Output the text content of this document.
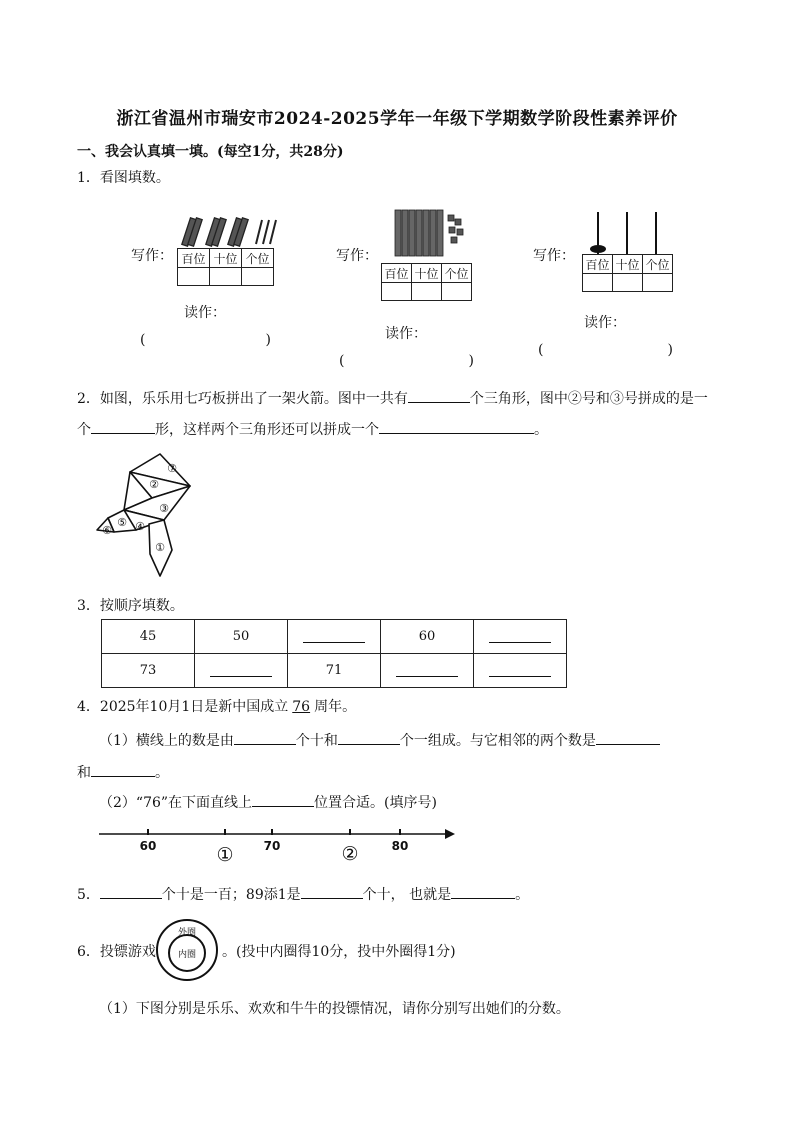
浙江省温州市瑞安市2024-2025学年一年级下学期数学阶段性素养评价
一、我会认真填一填。(每空1分，共28分)
1．看图填数。
写作： 百位	十位	个位

读作：
(	)
写作：
百位	十位	个位

读作：
(	)
写作：
百位	十位	个位

读作：
(	)
2．如图，乐乐用七巧板拼出了一架火箭。图中一共有	个三角形，图中②号和③号拼成的是一
个	形，这样两个三角形还可以拼成一个	。
⑦
②
③
⑤ ④
⑥
①
3．按顺序填数。
45	50		60	
73		71		
4．2025年10月1日是新中国成立 76 周年。
（1）横线上的数是由	个十和	个一组成。与它相邻的两个数是
和	。
（2）“76”在下面直线上	位置合适。(填序号)
60	70	80
①	②
5．	个十是一百；89添1是	个十， 也就是	。
6．投镖游戏
外圈
内圈 。(投中内圈得10分，投中外圈得1分)
（1）下图分别是乐乐、欢欢和牛牛的投镖情况，请你分别写出她们的分数。
